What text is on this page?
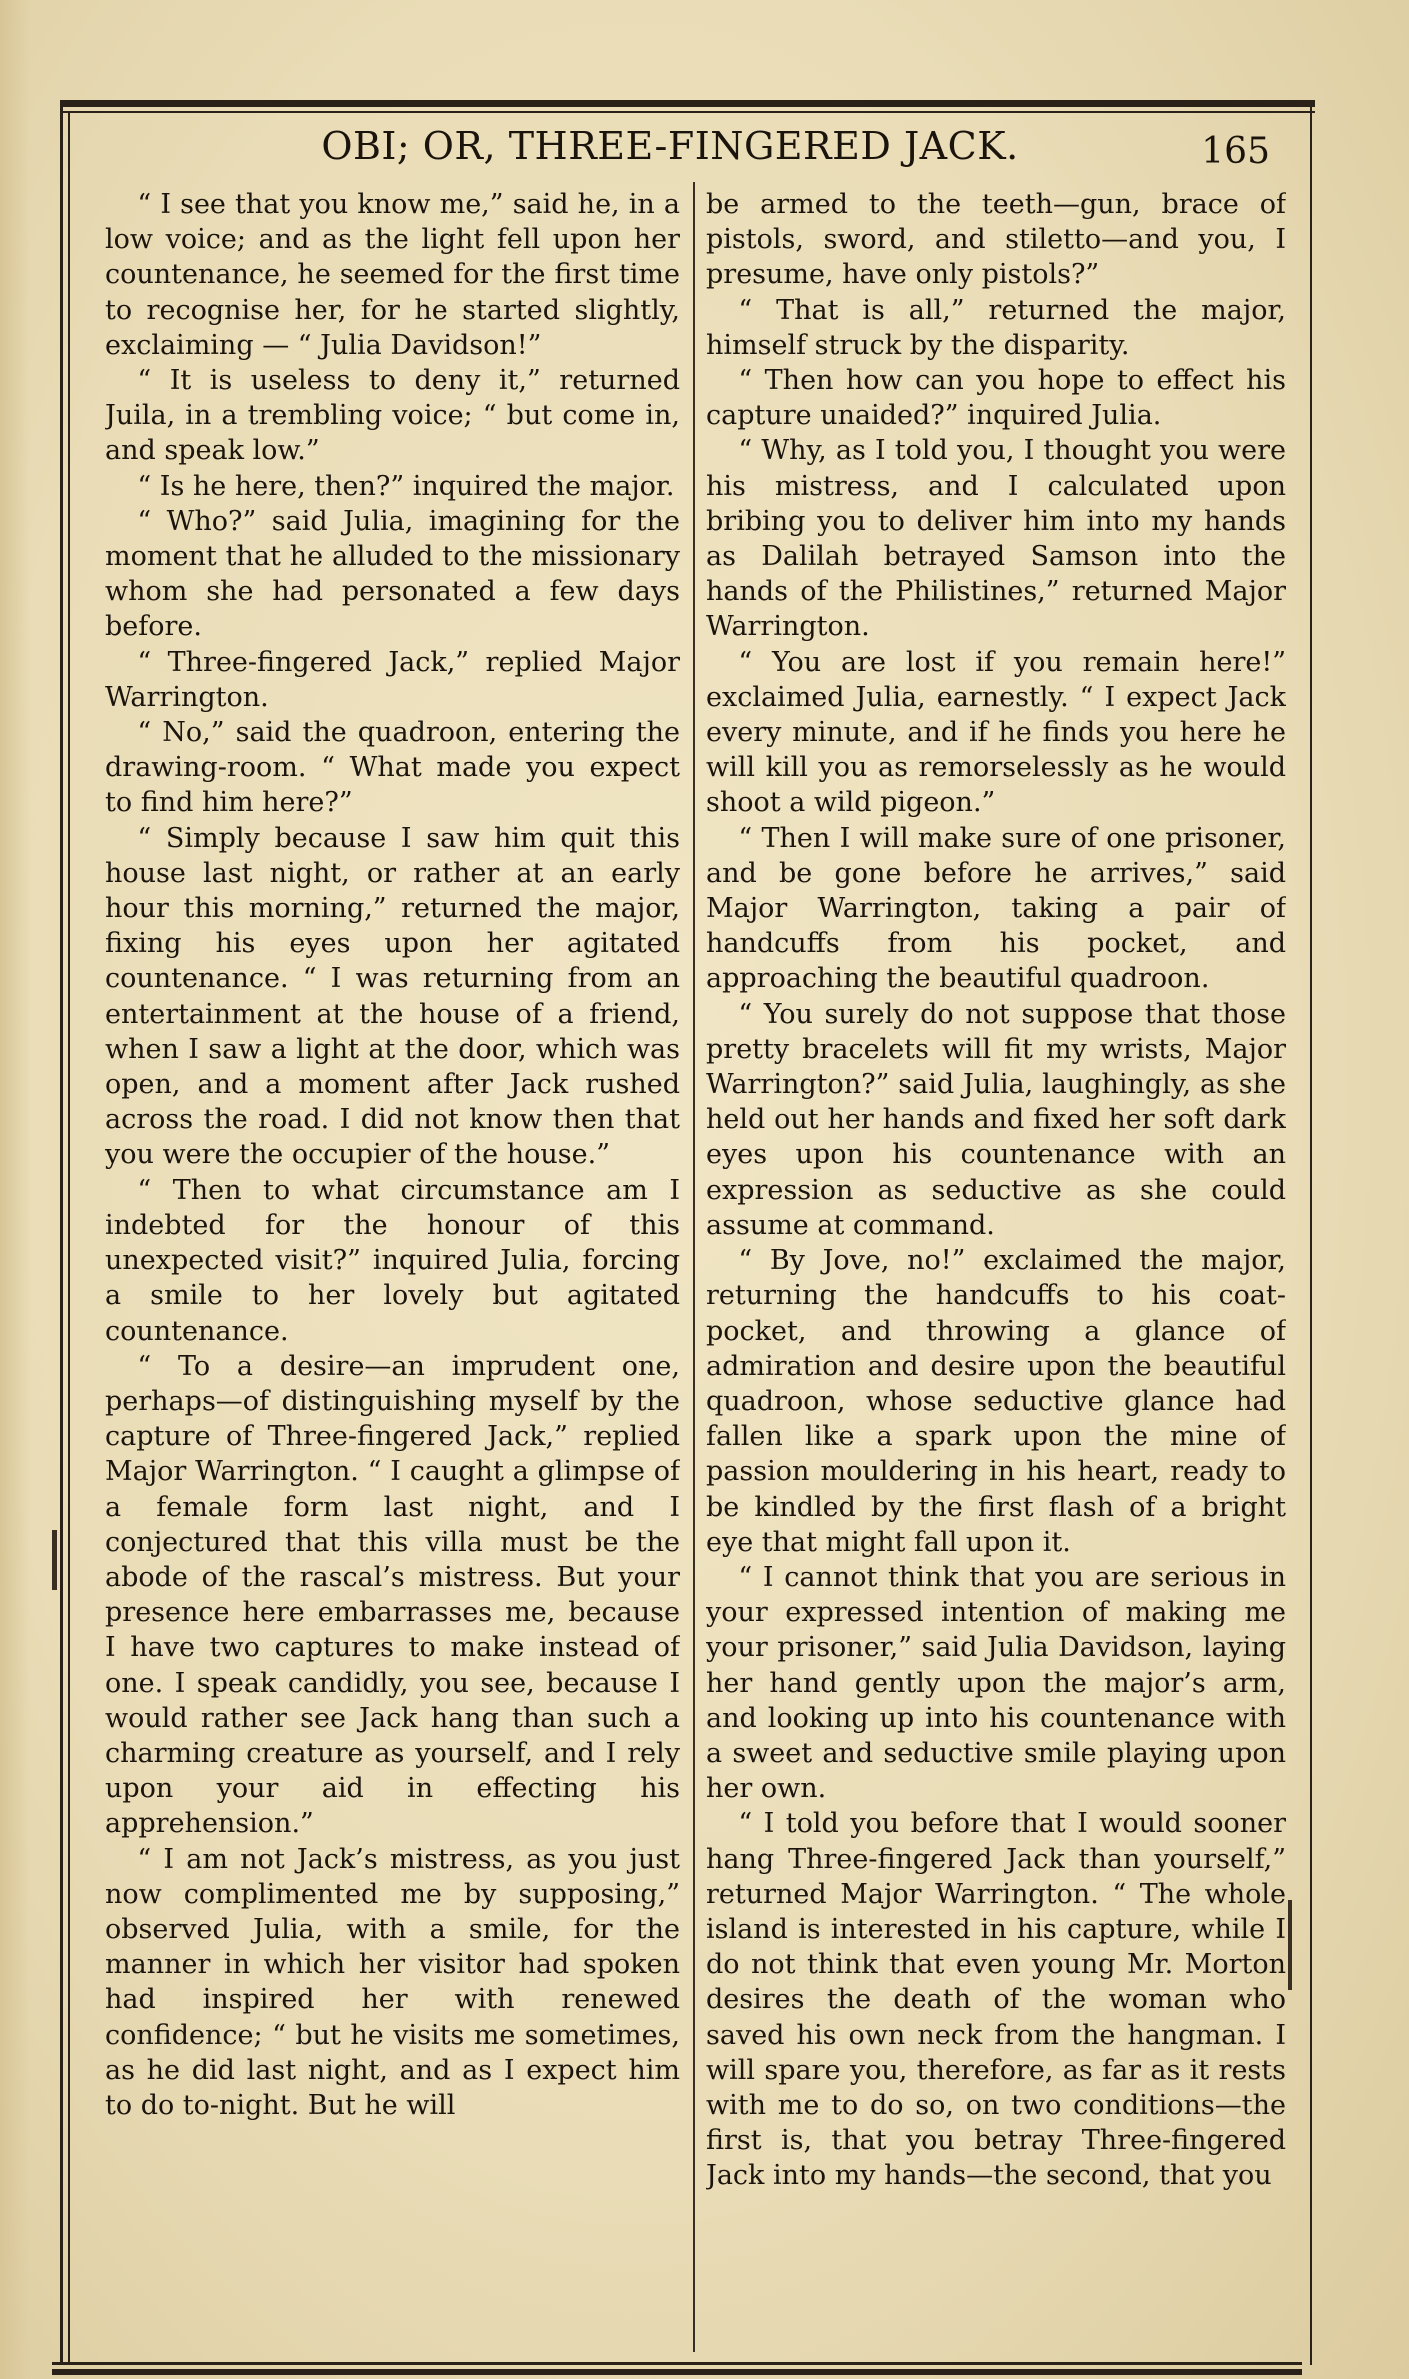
OBI; OR, THREE-FINGERED JACK.	165

“ I see that you know me,” said he, in a low voice; and as the light fell upon her countenance, he seemed for the first time to recognise her, for he started slightly, exclaiming — “ Julia Davidson!”

“ It is useless to deny it,” returned Juila, in a trembling voice; “ but come in, and speak low.”

“ Is he here, then?” inquired the major.

“ Who?” said Julia, imagining for the moment that he alluded to the missionary whom she had personated a few days before.

“ Three-fingered Jack,” replied Major Warrington.

“ No,” said the quadroon, entering the drawing-room. “ What made you expect to find him here?”

“ Simply because I saw him quit this house last night, or rather at an early hour this morning,” returned the major, fixing his eyes upon her agitated countenance. “ I was returning from an entertainment at the house of a friend, when I saw a light at the door, which was open, and a moment after Jack rushed across the road. I did not know then that you were the occupier of the house.”

“ Then to what circumstance am I indebted for the honour of this unexpected visit?” inquired Julia, forcing a smile to her lovely but agitated countenance.

“ To a desire—an imprudent one, perhaps—of distinguishing myself by the capture of Three-fingered Jack,” replied Major Warrington. “ I caught a glimpse of a female form last night, and I conjectured that this villa must be the abode of the rascal’s mistress. But your presence here embarrasses me, because I have two captures to make instead of one. I speak candidly, you see, because I would rather see Jack hang than such a charming creature as yourself, and I rely upon your aid in effecting his apprehension.”

“ I am not Jack’s mistress, as you just now complimented me by supposing,” observed Julia, with a smile, for the manner in which her visitor had spoken had inspired her with renewed confidence; “ but he visits me sometimes, as he did last night, and as I expect him to do to-night. But he will

be armed to the teeth—gun, brace of pistols, sword, and stiletto—and you, I presume, have only pistols?”

“ That is all,” returned the major, himself struck by the disparity.

“ Then how can you hope to effect his capture unaided?” inquired Julia.

“ Why, as I told you, I thought you were his mistress, and I calculated upon bribing you to deliver him into my hands as Dalilah betrayed Samson into the hands of the Philistines,” returned Major Warrington.

“ You are lost if you remain here!” exclaimed Julia, earnestly. “ I expect Jack every minute, and if he finds you here he will kill you as remorselessly as he would shoot a wild pigeon.”

“ Then I will make sure of one prisoner, and be gone before he arrives,” said Major Warrington, taking a pair of handcuffs from his pocket, and approaching the beautiful quadroon.

“ You surely do not suppose that those pretty bracelets will fit my wrists, Major Warrington?” said Julia, laughingly, as she held out her hands and fixed her soft dark eyes upon his countenance with an expression as seductive as she could assume at command.

“ By Jove, no!” exclaimed the major, returning the handcuffs to his coat-pocket, and throwing a glance of admiration and desire upon the beautiful quadroon, whose seductive glance had fallen like a spark upon the mine of passion mouldering in his heart, ready to be kindled by the first flash of a bright eye that might fall upon it.

“ I cannot think that you are serious in your expressed intention of making me your prisoner,” said Julia Davidson, laying her hand gently upon the major’s arm, and looking up into his countenance with a sweet and seductive smile playing upon her own.

“ I told you before that I would sooner hang Three-fingered Jack than yourself,” returned Major Warrington. “ The whole island is interested in his capture, while I do not think that even young Mr. Morton desires the death of the woman who saved his own neck from the hangman. I will spare you, therefore, as far as it rests with me to do so, on two conditions—the first is, that you betray Three-fingered Jack into my hands—the second, that you
